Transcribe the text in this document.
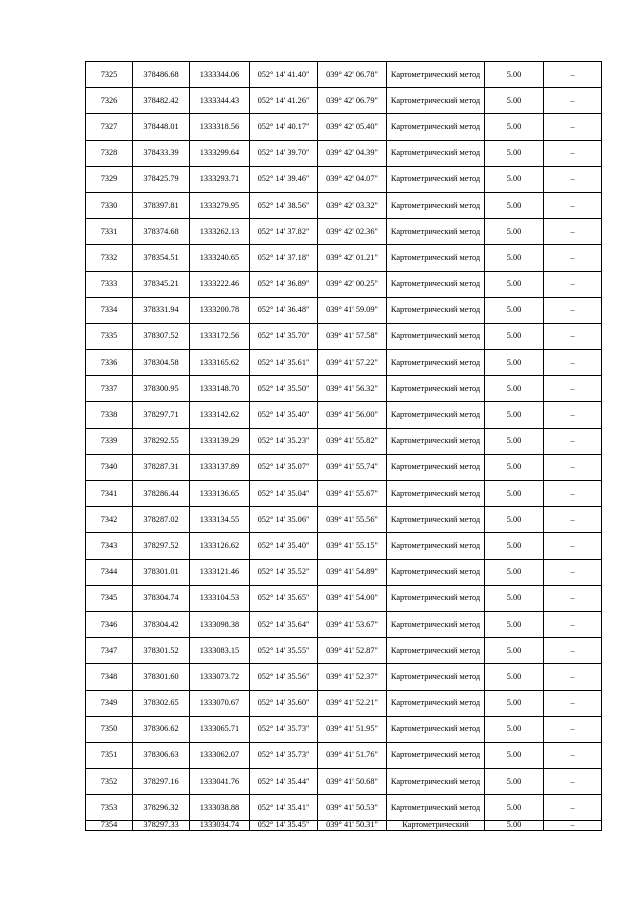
7325	378486.68	1333344.06	052° 14' 41.40"	039° 42' 06.78"	Картометрический метод	5.00	–
7326	378482.42	1333344.43	052° 14' 41.26"	039° 42' 06.79"	Картометрический метод	5.00	–
7327	378448.01	1333318.56	052° 14' 40.17"	039° 42' 05.40"	Картометрический метод	5.00	–
7328	378433.39	1333299.64	052° 14' 39.70"	039° 42' 04.39"	Картометрический метод	5.00	–
7329	378425.79	1333293.71	052° 14' 39.46"	039° 42' 04.07"	Картометрический метод	5.00	–
7330	378397.81	1333279.95	052° 14' 38.56"	039° 42' 03.32"	Картометрический метод	5.00	–
7331	378374.68	1333262.13	052° 14' 37.82"	039° 42' 02.36"	Картометрический метод	5.00	–
7332	378354.51	1333240.65	052° 14' 37.18"	039° 42' 01.21"	Картометрический метод	5.00	–
7333	378345.21	1333222.46	052° 14' 36.89"	039° 42' 00.25"	Картометрический метод	5.00	–
7334	378331.94	1333200.78	052° 14' 36.48"	039° 41' 59.09"	Картометрический метод	5.00	–
7335	378307.52	1333172.56	052° 14' 35.70"	039° 41' 57.58"	Картометрический метод	5.00	–
7336	378304.58	1333165.62	052° 14' 35.61"	039° 41' 57.22"	Картометрический метод	5.00	–
7337	378300.95	1333148.70	052° 14' 35.50"	039° 41' 56.32"	Картометрический метод	5.00	–
7338	378297.71	1333142.62	052° 14' 35.40"	039° 41' 56.00"	Картометрический метод	5.00	–
7339	378292.55	1333139.29	052° 14' 35.23"	039° 41' 55.82"	Картометрический метод	5.00	–
7340	378287.31	1333137.89	052° 14' 35.07"	039° 41' 55.74"	Картометрический метод	5.00	–
7341	378286.44	1333136.65	052° 14' 35.04"	039° 41' 55.67"	Картометрический метод	5.00	–
7342	378287.02	1333134.55	052° 14' 35.06"	039° 41' 55.56"	Картометрический метод	5.00	–
7343	378297.52	1333126.62	052° 14' 35.40"	039° 41' 55.15"	Картометрический метод	5.00	–
7344	378301.01	1333121.46	052° 14' 35.52"	039° 41' 54.89"	Картометрический метод	5.00	–
7345	378304.74	1333104.53	052° 14' 35.65"	039° 41' 54.00"	Картометрический метод	5.00	–
7346	378304.42	1333098.38	052° 14' 35.64"	039° 41' 53.67"	Картометрический метод	5.00	–
7347	378301.52	1333083.15	052° 14' 35.55"	039° 41' 52.87"	Картометрический метод	5.00	–
7348	378301.60	1333073.72	052° 14' 35.56"	039° 41' 52.37"	Картометрический метод	5.00	–
7349	378302.65	1333070.67	052° 14' 35.60"	039° 41' 52.21"	Картометрический метод	5.00	–
7350	378306.62	1333065.71	052° 14' 35.73"	039° 41' 51.95"	Картометрический метод	5.00	–
7351	378306.63	1333062.07	052° 14' 35.73"	039° 41' 51.76"	Картометрический метод	5.00	–
7352	378297.16	1333041.76	052° 14' 35.44"	039° 41' 50.68"	Картометрический метод	5.00	–
7353	378296.32	1333038.88	052° 14' 35.41"	039° 41' 50.53"	Картометрический метод	5.00	–
7354	378297.33	1333034.74	052° 14' 35.45"	039° 41' 50.31"	Картометрический	5.00	–
